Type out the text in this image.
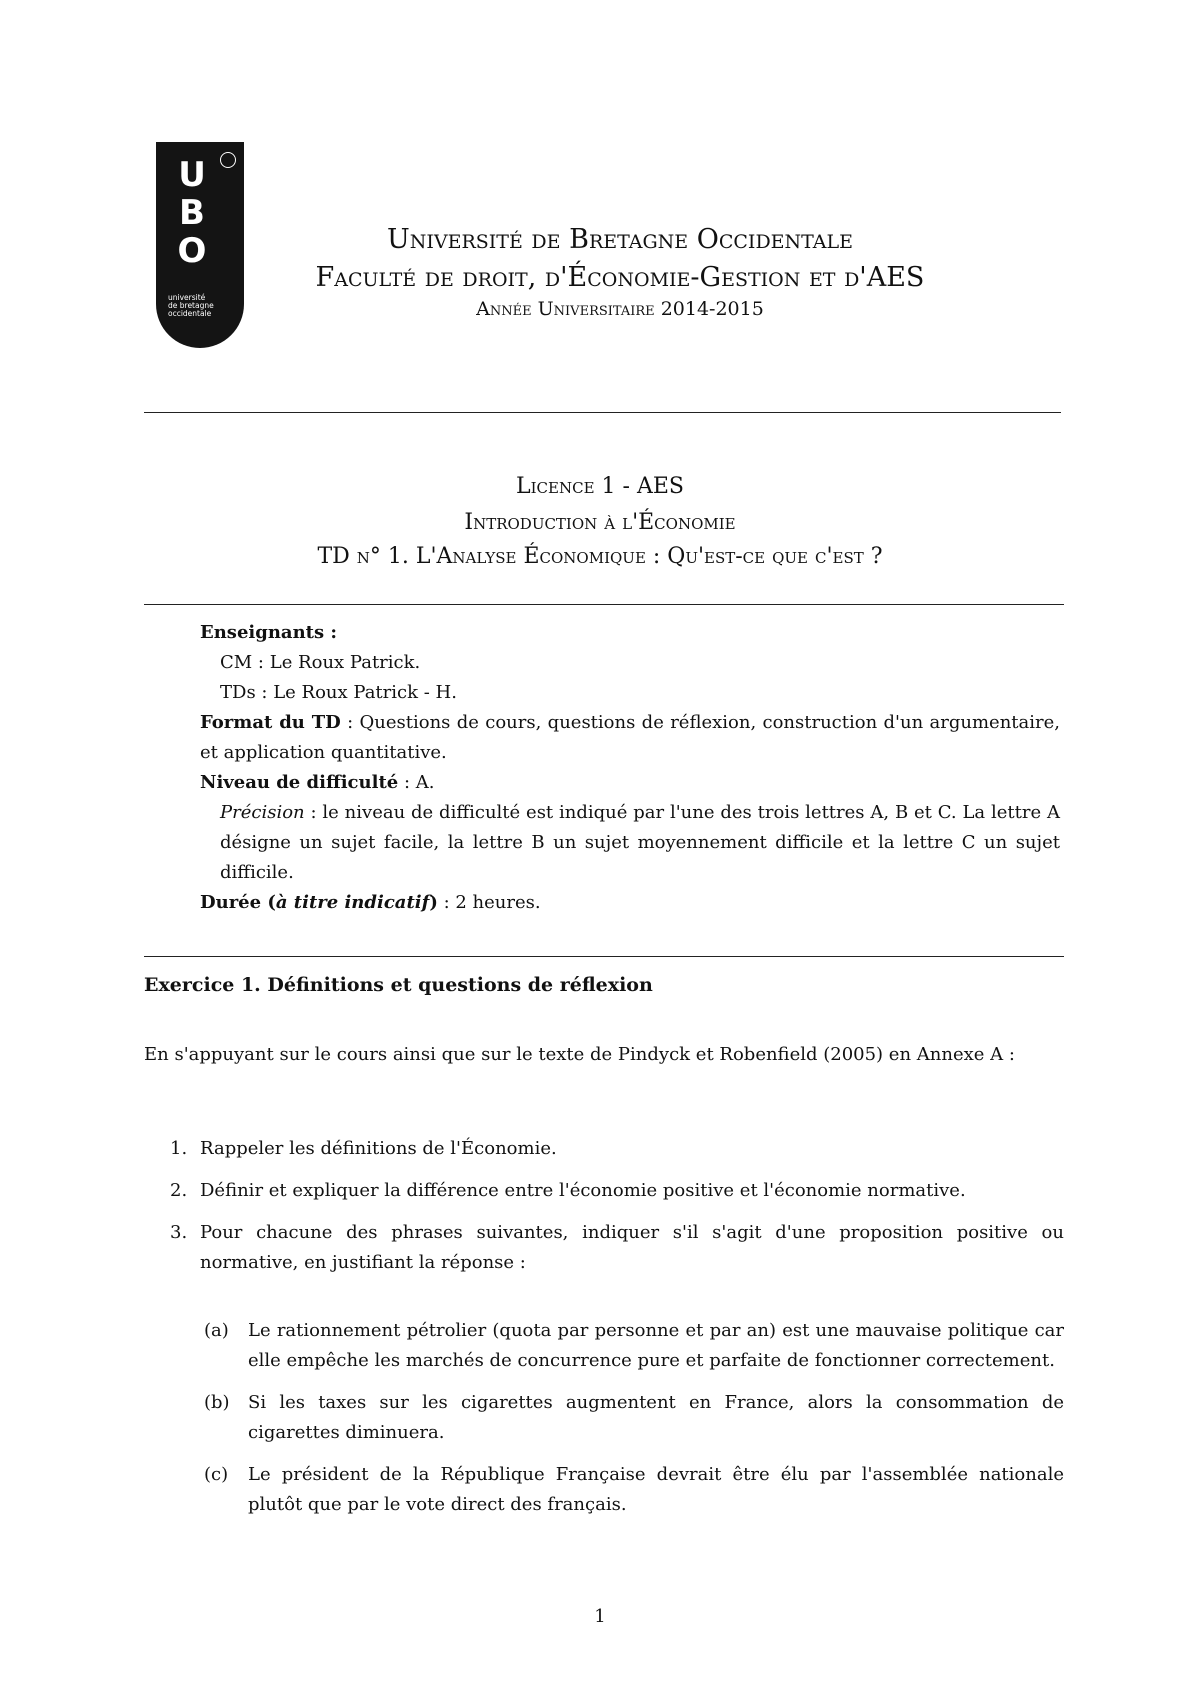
U
B
O
université
de bretagne
occidentale
Université de Bretagne Occidentale
Faculté de droit, d'Économie-Gestion et d'AES
Année Universitaire 2014-2015
Licence 1 - AES
Introduction à l'Économie
TD n° 1. L'Analyse Économique : Qu'est-ce que c'est ?
Enseignants :
CM : Le Roux Patrick.
TDs : Le Roux Patrick - H.
Format du TD : Questions de cours, questions de réflexion, construction d'un argumentaire, et application quantitative.
Niveau de difficulté : A.
Précision : le niveau de difficulté est indiqué par l'une des trois lettres A, B et C. La lettre A désigne un sujet facile, la lettre B un sujet moyennement difficile et la lettre C un sujet difficile.
Durée (à titre indicatif) : 2 heures.
Exercice 1. Définitions et questions de réflexion
En s'appuyant sur le cours ainsi que sur le texte de Pindyck et Robenfield (2005) en Annexe A :
1. Rappeler les définitions de l'Économie.
2. Définir et expliquer la différence entre l'économie positive et l'économie normative.
3. Pour chacune des phrases suivantes, indiquer s'il s'agit d'une proposition positive ou normative, en justifiant la réponse :
(a)	Le rationnement pétrolier (quota par personne et par an) est une mauvaise politique car elle empêche les marchés de concurrence pure et parfaite de fonctionner correctement.
(b)	Si les taxes sur les cigarettes augmentent en France, alors la consommation de cigarettes diminuera.
(c)	Le président de la République Française devrait être élu par l'assemblée nationale plutôt que par le vote direct des français.
1
